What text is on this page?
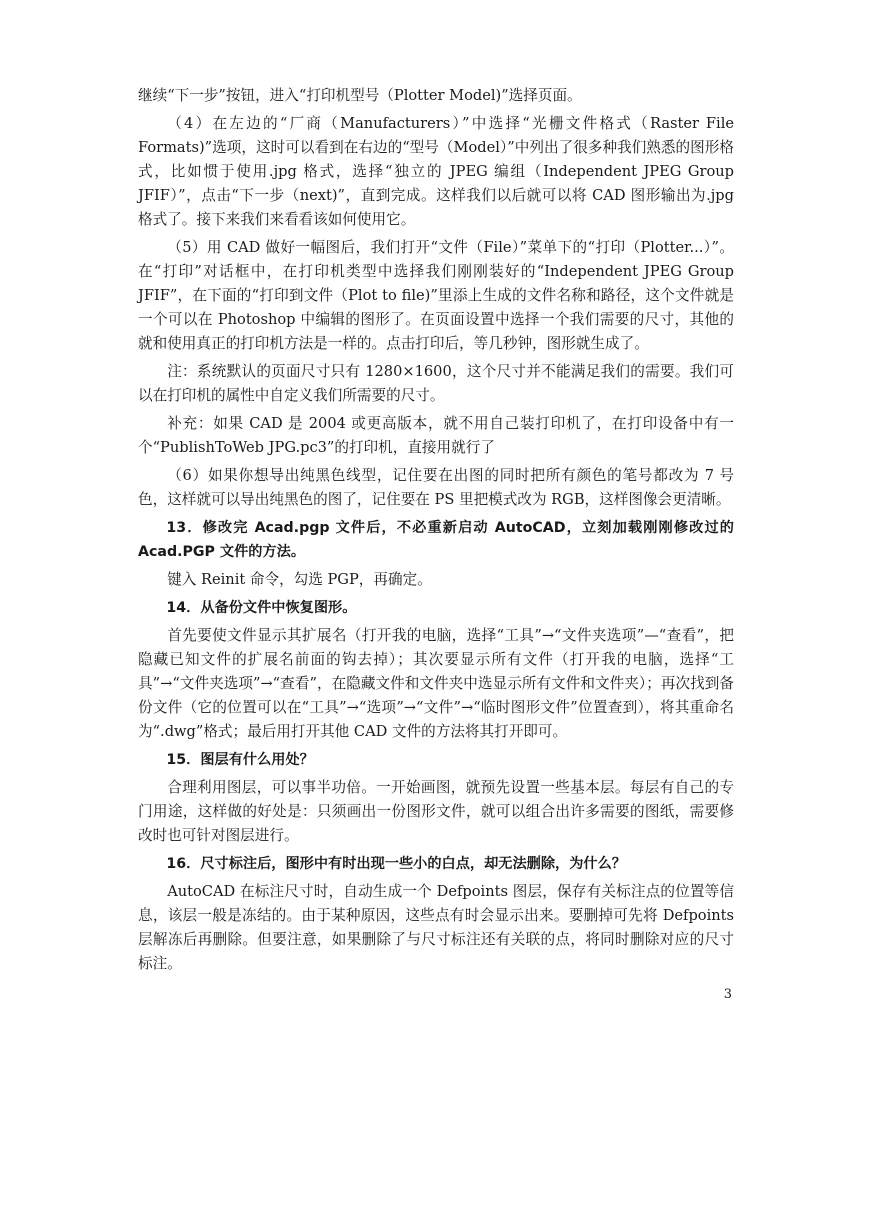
继续“下一步”按钮，进入“打印机型号（Plotter Model)”选择页面。

（4）在左边的“厂商（Manufacturers）”中选择“光栅文件格式（Raster File Formats)”选项，这时可以看到在右边的“型号（Model）”中列出了很多种我们熟悉的图形格式，比如惯于使用.jpg 格式，选择“独立的 JPEG 编组（Independent JPEG Group JFIF）”，点击“下一步（next)”，直到完成。这样我们以后就可以将 CAD 图形输出为.jpg 格式了。接下来我们来看看该如何使用它。

（5）用 CAD 做好一幅图后，我们打开“文件（File）”菜单下的“打印（Plotter...）”。在“打印”对话框中，在打印机类型中选择我们刚刚装好的“Independent JPEG Group JFIF”，在下面的“打印到文件（Plot to file)”里添上生成的文件名称和路径，这个文件就是一个可以在 Photoshop 中编辑的图形了。在页面设置中选择一个我们需要的尺寸，其他的就和使用真正的打印机方法是一样的。点击打印后，等几秒钟，图形就生成了。

注：系统默认的页面尺寸只有 1280×1600，这个尺寸并不能满足我们的需要。我们可以在打印机的属性中自定义我们所需要的尺寸。

补充：如果 CAD 是 2004 或更高版本，就不用自己装打印机了，在打印设备中有一个“PublishToWeb JPG.pc3”的打印机，直接用就行了

（6）如果你想导出纯黑色线型，记住要在出图的同时把所有颜色的笔号都改为 7 号色，这样就可以导出纯黑色的图了，记住要在 PS 里把模式改为 RGB，这样图像会更清晰。

13．修改完 Acad.pgp 文件后，不必重新启动 AutoCAD，立刻加载刚刚修改过的 Acad.PGP 文件的方法。

键入 Reinit 命令，勾选 PGP，再确定。

14．从备份文件中恢复图形。

首先要使文件显示其扩展名（打开我的电脑，选择“工具”→“文件夹选项”—“查看”，把隐藏已知文件的扩展名前面的钩去掉）；其次要显示所有文件（打开我的电脑，选择“工具”→“文件夹选项”→“查看”，在隐藏文件和文件夹中选显示所有文件和文件夹）；再次找到备份文件（它的位置可以在“工具”→“选项”→“文件”→“临时图形文件”位置查到），将其重命名为“.dwg”格式；最后用打开其他 CAD 文件的方法将其打开即可。

15．图层有什么用处？

合理利用图层，可以事半功倍。一开始画图，就预先设置一些基本层。每层有自己的专门用途，这样做的好处是：只须画出一份图形文件，就可以组合出许多需要的图纸，需要修改时也可针对图层进行。

16．尺寸标注后，图形中有时出现一些小的白点，却无法删除，为什么？

AutoCAD 在标注尺寸时，自动生成一个 Defpoints 图层，保存有关标注点的位置等信息，该层一般是冻结的。由于某种原因，这些点有时会显示出来。要删掉可先将 Defpoints 层解冻后再删除。但要注意，如果删除了与尺寸标注还有关联的点，将同时删除对应的尺寸标注。

3
